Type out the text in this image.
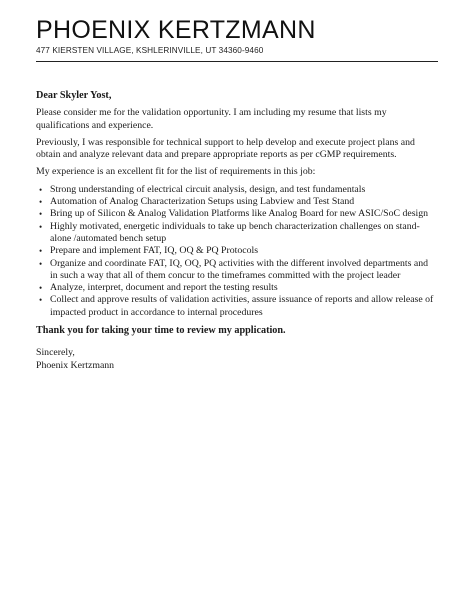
PHOENIX KERTZMANN
477 KIERSTEN VILLAGE, KSHLERINVILLE, UT 34360-9460
Dear Skyler Yost,

Please consider me for the validation opportunity. I am including my resume that lists my qualifications and experience.

Previously, I was responsible for technical support to help develop and execute project plans and obtain and analyze relevant data and prepare appropriate reports as per cGMP requirements.

My experience is an excellent fit for the list of requirements in this job:

• Strong understanding of electrical circuit analysis, design, and test fundamentals
• Automation of Analog Characterization Setups using Labview and Test Stand
• Bring up of Silicon & Analog Validation Platforms like Analog Board for new ASIC/SoC design
• Highly motivated, energetic individuals to take up bench characterization challenges on stand-alone /automated bench setup
• Prepare and implement FAT, IQ, OQ & PQ Protocols
• Organize and coordinate FAT, IQ, OQ, PQ activities with the different involved departments and in such a way that all of them concur to the timeframes committed with the project leader
• Analyze, interpret, document and report the testing results
• Collect and approve results of validation activities, assure issuance of reports and allow release of impacted product in accordance to internal procedures
Thank you for taking your time to review my application.

Sincerely,

Phoenix Kertzmann
